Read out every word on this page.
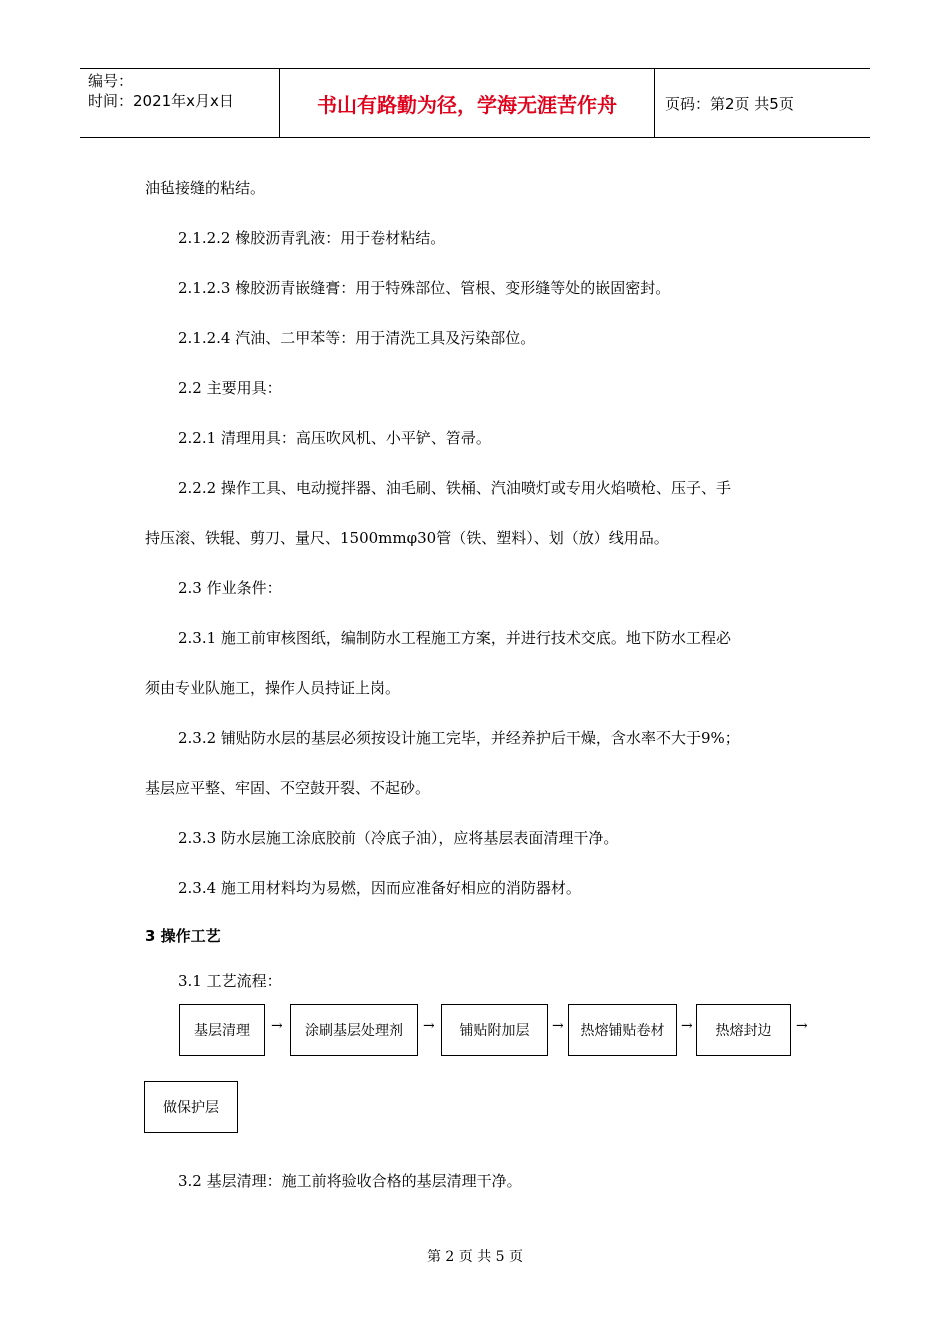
编号：
时间：2021年x月x日	书山有路勤为径，学海无涯苦作舟	页码：第2页 共5页
油毡接缝的粘结。
2.1.2.2 橡胶沥青乳液：用于卷材粘结。
2.1.2.3 橡胶沥青嵌缝膏：用于特殊部位、管根、变形缝等处的嵌固密封。
2.1.2.4 汽油、二甲苯等：用于清洗工具及污染部位。
2.2 主要用具：
2.2.1 清理用具：高压吹风机、小平铲、笤帚。
2.2.2 操作工具、电动搅拌器、油毛刷、铁桶、汽油喷灯或专用火焰喷枪、压子、手
持压滚、铁辊、剪刀、量尺、1500mmφ30管（铁、塑料）、划（放）线用品。
2.3 作业条件：
2.3.1 施工前审核图纸，编制防水工程施工方案，并进行技术交底。地下防水工程必
须由专业队施工，操作人员持证上岗。
2.3.2 铺贴防水层的基层必须按设计施工完毕，并经养护后干燥，含水率不大于9%；
基层应平整、牢固、不空鼓开裂、不起砂。
2.3.3 防水层施工涂底胶前（冷底子油），应将基层表面清理干净。
2.3.4 施工用材料均为易燃，因而应准备好相应的消防器材。
3 操作工艺
3.1 工艺流程：
基层清理	→	涂刷基层处理剂	→	铺贴附加层	→	热熔铺贴卷材	→	热熔封边	→
做保护层
3.2 基层清理：施工前将验收合格的基层清理干净。
第 2 页 共 5 页
